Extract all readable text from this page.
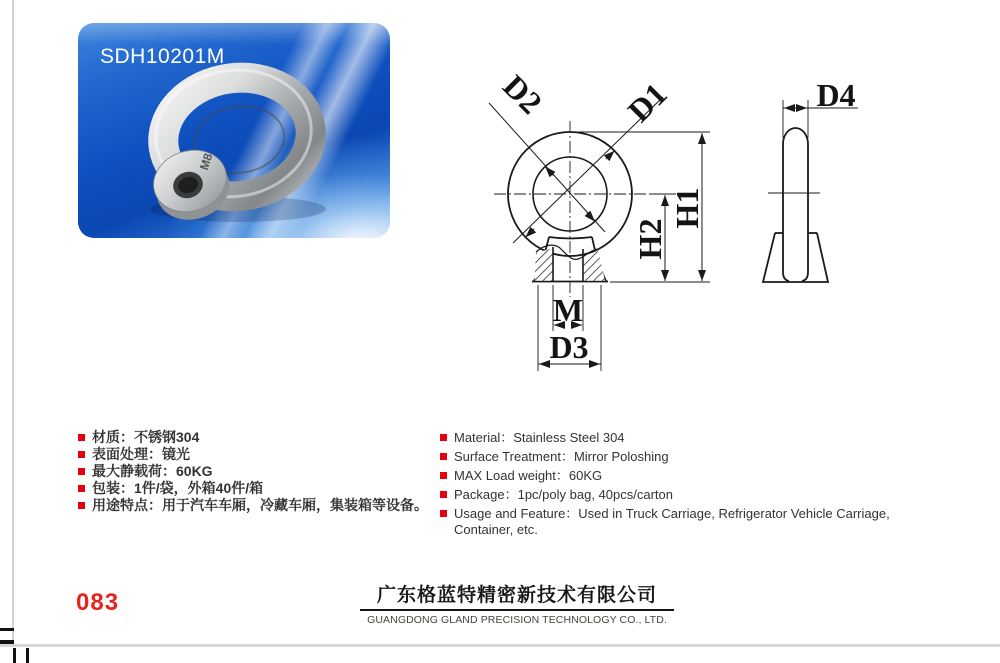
M8
SDH10201M
D2 D1
H1
H2
M
D3
D4
材质：不锈钢304
表面处理：镜光
最大静载荷：60KG
包装：1件/袋，外箱40件/箱
用途特点：用于汽车车厢，冷藏车厢，集装箱等设备。
Material：Stainless Steel 304
Surface Treatment：Mirror Poloshing
MAX Load weight：60KG
Package：1pc/poly bag, 40pcs/carton
Usage and Feature：Used in Truck Carriage, Refrigerator Vehicle Carriage, Container, etc.
083	广东格蓝特精密新技术有限公司
GUANGDONG GLAND PRECISION TECHNOLOGY CO., LTD.
